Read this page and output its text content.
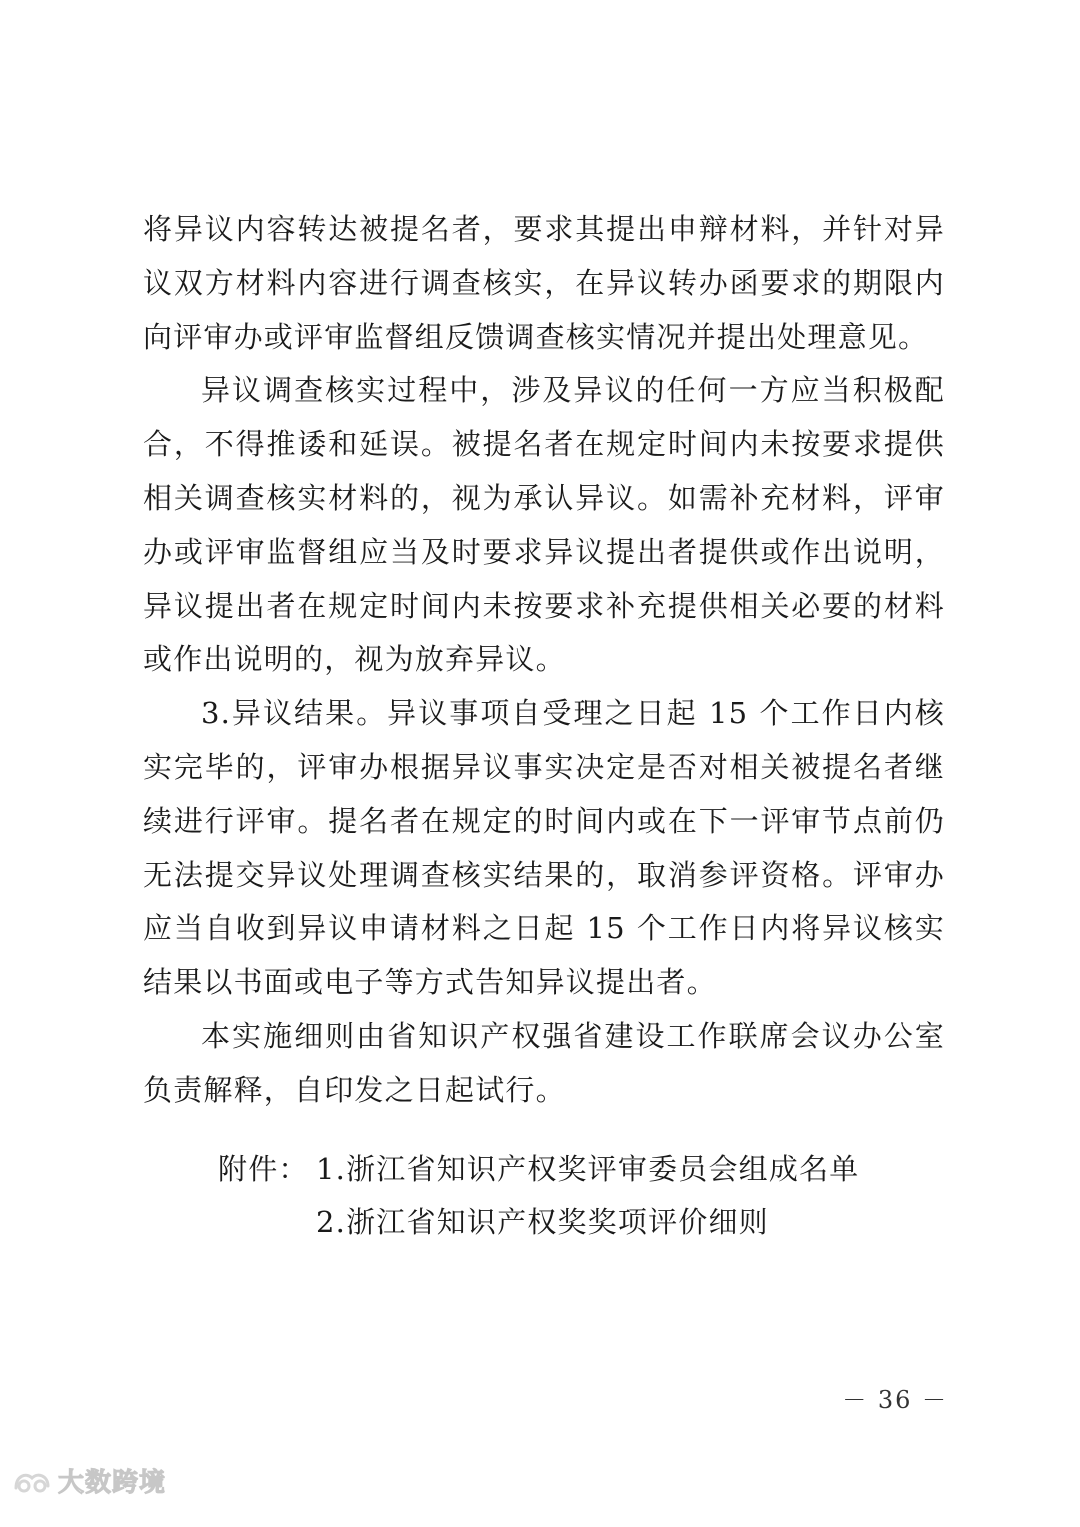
将异议内容转达被提名者，要求其提出申辩材料，并针对异议双方材料内容进行调查核实，在异议转办函要求的期限内向评审办或评审监督组反馈调查核实情况并提出处理意见。

异议调查核实过程中，涉及异议的任何一方应当积极配合，不得推诿和延误。被提名者在规定时间内未按要求提供相关调查核实材料的，视为承认异议。如需补充材料，评审办或评审监督组应当及时要求异议提出者提供或作出说明，异议提出者在规定时间内未按要求补充提供相关必要的材料或作出说明的，视为放弃异议。

3.异议结果。异议事项自受理之日起 15 个工作日内核实完毕的，评审办根据异议事实决定是否对相关被提名者继续进行评审。提名者在规定的时间内或在下一评审节点前仍无法提交异议处理调查核实结果的，取消参评资格。评审办应当自收到异议申请材料之日起 15 个工作日内将异议核实结果以书面或电子等方式告知异议提出者。

本实施细则由省知识产权强省建设工作联席会议办公室负责解释，自印发之日起试行。

附件： 1.浙江省知识产权奖评审委员会组成名单
2.浙江省知识产权奖奖项评价细则
－ 36 －
大数跨境
